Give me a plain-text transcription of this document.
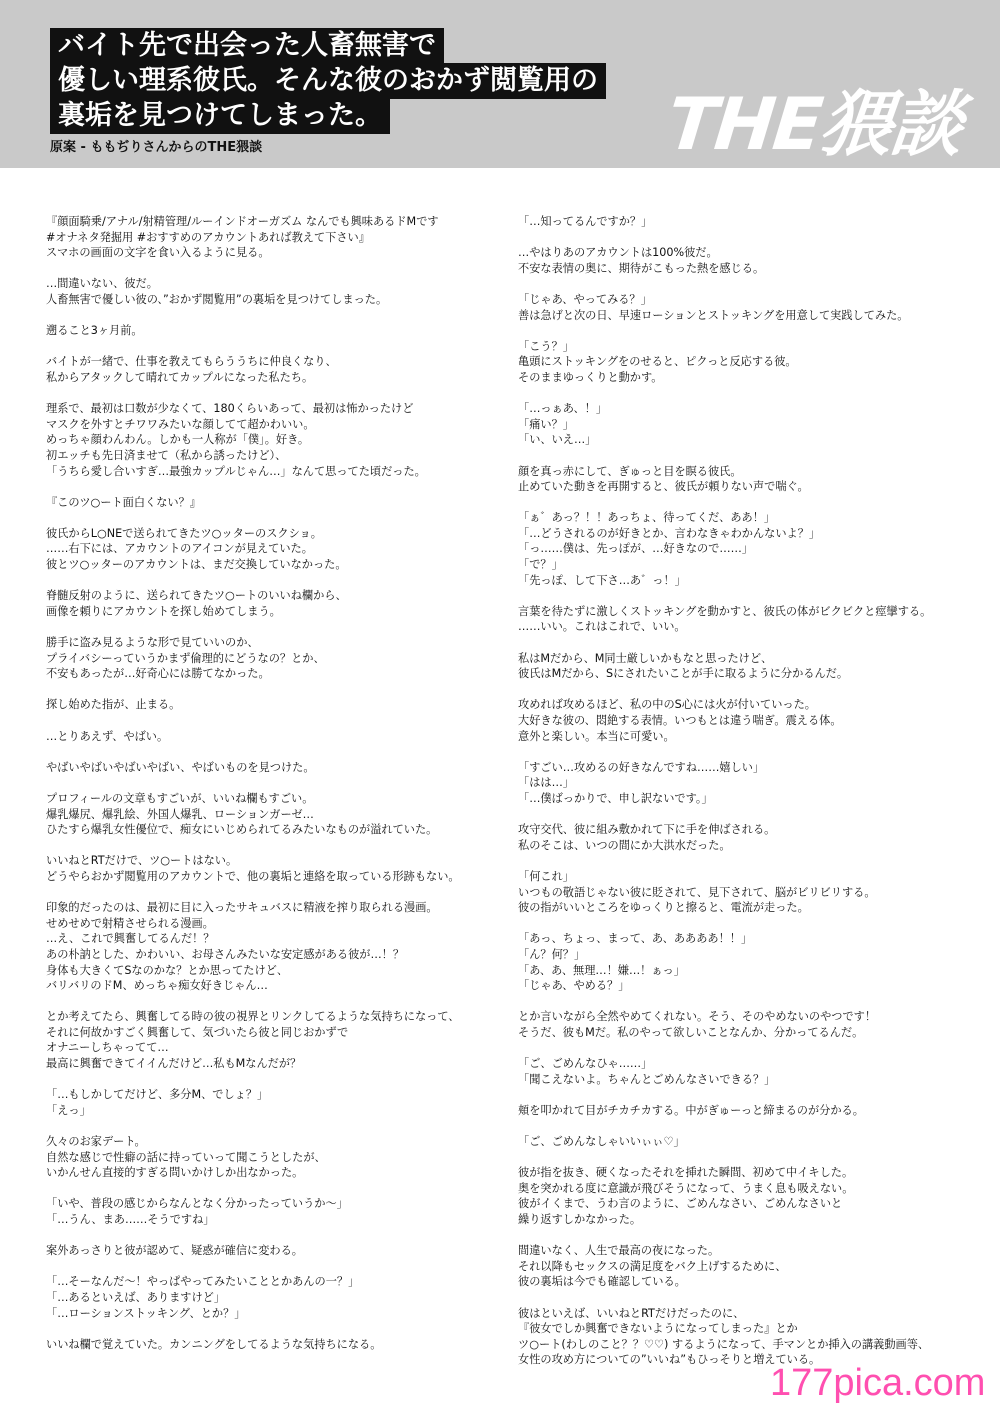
バイト先で出会った人畜無害で
優しい理系彼氏。そんな彼のおかず閲覧用の
裏垢を見つけてしまった。
原案 - ももぢりさんからのTHE猥談	THE猥談
『顔面騎乗/アナル/射精管理/ルーインドオーガズム なんでも興味あるドMです
#オナネタ発掘用 #おすすめのアカウントあれば教えて下さい』
スマホの画面の文字を食い入るように見る。

…間違いない、彼だ。
人畜無害で優しい彼の、”おかず閲覧用”の裏垢を見つけてしまった。

遡ること3ヶ月前。

バイトが一緒で、仕事を教えてもらううちに仲良くなり、
私からアタックして晴れてカップルになった私たち。

理系で、最初は口数が少なくて、180くらいあって、最初は怖かったけど
マスクを外すとチワワみたいな顔してて超かわいい。
めっちゃ顔わんわん。しかも一人称が「僕」。好き。
初エッチも先日済ませて（私から誘ったけど）、
「うちら愛し合いすぎ…最強カップルじゃん…」なんて思ってた頃だった。

『このツ○ート面白くない？』

彼氏からL○NEで送られてきたツ○ッターのスクショ。
……右下には、アカウントのアイコンが見えていた。
彼とツ○ッターのアカウントは、まだ交換していなかった。

脊髄反射のように、送られてきたツ○ートのいいね欄から、
画像を頼りにアカウントを探し始めてしまう。

勝手に盗み見るような形で見ていいのか、
プライバシーっていうかまず倫理的にどうなの？とか、
不安もあったが…好奇心には勝てなかった。

探し始めた指が、止まる。

…とりあえず、やばい。

やばいやばいやばいやばい、やばいものを見つけた。

プロフィールの文章もすごいが、いいね欄もすごい。
爆乳爆尻、爆乳絵、外国人爆乳、ローションガーゼ…
ひたすら爆乳女性優位で、痴女にいじめられてるみたいなものが溢れていた。

いいねとRTだけで、ツ○ートはない。
どうやらおかず閲覧用のアカウントで、他の裏垢と連絡を取っている形跡もない。

印象的だったのは、最初に目に入ったサキュバスに精液を搾り取られる漫画。
せめせめで射精させられる漫画。
…え、これで興奮してるんだ！？
あの朴訥とした、かわいい、お母さんみたいな安定感がある彼が…！？
身体も大きくてSなのかな？とか思ってたけど、
バリバリのドM、めっちゃ痴女好きじゃん…

とか考えてたら、興奮してる時の彼の視界とリンクしてるような気持ちになって、
それに何故かすごく興奮して、気づいたら彼と同じおかずで
オナニーしちゃってて…
最高に興奮できてイイんだけど…私もMなんだが？

「…もしかしてだけど、多分M、でしょ？」
「えっ」

久々のお家デート。
自然な感じで性癖の話に持っていって聞こうとしたが、
いかんせん直接的すぎる問いかけしか出なかった。

「いや、普段の感じからなんとなく分かったっていうか〜」
「…うん、まあ……そうですね」

案外あっさりと彼が認めて、疑惑が確信に変わる。

「…そーなんだ〜！やっぱやってみたいこととかあんの一？」
「…あるといえば、ありますけど」
「…ローションストッキング、とか？」

いいね欄で覚えていた。カンニングをしてるような気持ちになる。
「…知ってるんですか？」

…やはりあのアカウントは100%彼だ。
不安な表情の奥に、期待がこもった熱を感じる。

「じゃあ、やってみる？」
善は急げと次の日、早速ローションとストッキングを用意して実践してみた。

「こう？」
亀頭にストッキングをのせると、ピクっと反応する彼。
そのままゆっくりと動かす。

「…っぁあ、！」
「痛い？」
「い、いえ…」

顔を真っ赤にして、ぎゅっと目を瞑る彼氏。
止めていた動きを再開すると、彼氏が頼りない声で喘ぐ。

「ぁ゛あっ？！！あっちょ、待ってくだ、ああ！」
「…どうされるのが好きとか、言わなきゃわかんないよ？」
「っ……僕は、先っぽが、…好きなので……」
「で？」
「先っぽ、して下さ…あ゛っ！」

言葉を待たずに激しくストッキングを動かすと、彼氏の体がビクビクと痙攣する。
……いい。これはこれで、いい。

私はMだから、M同士厳しいかもなと思ったけど、
彼氏はMだから、Sにされたいことが手に取るように分かるんだ。

攻めれば攻めるほど、私の中のS心には火が付いていった。
大好きな彼の、悶絶する表情。いつもとは違う喘ぎ。震える体。
意外と楽しい。本当に可愛い。

「すごい…攻めるの好きなんですね……嬉しい」
「はは…」
「…僕ばっかりで、申し訳ないです。」

攻守交代、彼に組み敷かれて下に手を伸ばされる。
私のそこは、いつの間にか大洪水だった。

「何これ」
いつもの敬語じゃない彼に貶されて、見下されて、脳がビリビリする。
彼の指がいいところをゆっくりと擦ると、電流が走った。

「あっ、ちょっ、まって、あ、ああああ！！」
「ん？何？」
「あ、あ、無理…！嫌…！ぁっ」
「じゃあ、やめる？」

とか言いながら全然やめてくれない。そう、そのやめないのやつです！
そうだ、彼もMだ。私のやって欲しいことなんか、分かってるんだ。

「ご、ごめんなひゃ……」
「聞こえないよ。ちゃんとごめんなさいできる？」

頬を叩かれて目がチカチカする。中がぎゅーっと締まるのが分かる。

「ご、ごめんなしゃいいぃぃ♡」

彼が指を抜き、硬くなったそれを挿れた瞬間、初めて中イキした。
奥を突かれる度に意識が飛びそうになって、うまく息も吸えない。
彼がイくまで、うわ言のように、ごめんなさい、ごめんなさいと
繰り返すしかなかった。

間違いなく、人生で最高の夜になった。
それ以降もセックスの満足度をバク上げするために、
彼の裏垢は今でも確認している。

彼はといえば、いいねとRTだけだったのに、
『彼女でしか興奮できないようになってしまった』とか
ツ○ート(わしのこと？？♡♡) するようになって、手マンとか挿入の講義動画等、
女性の攻め方についての”いいね”もひっそりと増えている。
177pica.com
